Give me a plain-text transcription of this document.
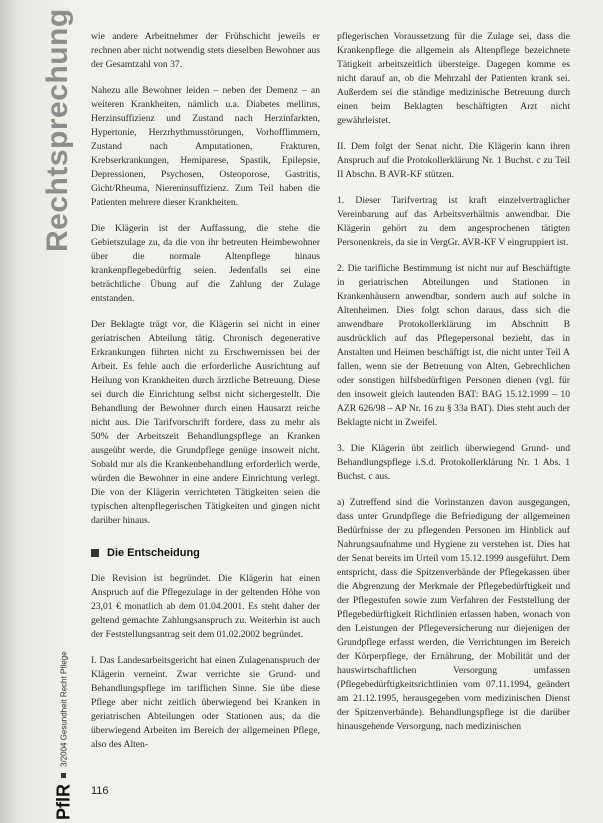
Rechtsprechung
PflR
3/2004 Gesundheit Recht Pflege

wie andere Arbeitnehmer der Frühschicht jeweils er rechnen aber nicht notwendig stets dieselben Bewohner aus der Gesamtzahl von 37.

Nahezu alle Bewohner leiden – neben der Demenz – an weiteren Krankheiten, nämlich u.a. Diabetes mellitus, Herzinsuffizienz und Zustand nach Herzinfarkten, Hypertonie, Herzrhythmusstörungen, Vorhofflimmern, Zustand nach Amputationen, Frakturen, Krebserkrankungen, Hemiparese, Spastik, Epilepsie, Depressionen, Psychosen, Osteoporose, Gastritis, Gicht/Rheuma, Niereninsuffizienz. Zum Teil haben die Patienten mehrere dieser Krankheiten.

Die Klägerin ist der Auffassung, die stehe die Gebietszulage zu, da die von ihr betreuten Heimbewohner über die normale Altenpflege hinaus krankenpflegebedürftig seien. Jedenfalls sei eine beträchtliche Übung auf die Zahlung der Zulage entstanden.

Der Beklagte trägt vor, die Klägerin sei nicht in einer geriatrischen Abteilung tätig. Chronisch degenerative Erkrankungen führten nicht zu Erschwernissen bei der Arbeit. Es fehle auch die erforderliche Ausrichtung auf Heilung von Krankheiten durch ärztliche Betreuung. Diese sei durch die Einrichtung selbst nicht sichergestellt. Die Behandlung der Bewohner durch einen Hausarzt reiche nicht aus. Die Tarifvorschrift fordere, dass zu mehr als 50% der Arbeitszeit Behandlungspflege an Kranken ausgeübt werde, die Grundpflege genüge insoweit nicht. Sobald nur als die Krankenbehandlung erforderlich werde, würden die Bewohner in eine andere Einrichtung verlegt. Die von der Klägerin verrichteten Tätigkeiten seien die typischen altenpflegerischen Tätigkeiten und gingen nicht darüber hinaus.

Die Entscheidung

Die Revision ist begründet. Die Klägerin hat einen Anspruch auf die Pflegezulage in der geltenden Höhe von 23,01 € monatlich ab dem 01.04.2001. Es steht daher der geltend gemachte Zahlungsanspruch zu. Weiterhin ist auch der Feststellungsantrag seit dem 01.02.2002 begründet.

I. Das Landesarbeitsgericht hat einen Zulagenanspruch der Klägerin verneint. Zwar verrichte sie Grund- und Behandlungspflege im tariflichen Sinne. Sie übe diese Pflege aber nicht zeitlich überwiegend bei Kranken in geriatrischen Abteilungen oder Stationen aus, da die überwiegend Arbeiten im Bereich der allgemeinen Pflege, also des Alten-

pflegerischen Voraussetzung für die Zulage sei, dass die Krankenpflege die allgemein als Altenpflege bezeichnete Tätigkeit arbeitszeitlich übersteige. Dagegen komme es nicht darauf an, ob die Mehrzahl der Patienten krank sei. Außerdem sei die ständige medizinische Betreuung durch einen beim Beklagten beschäftigten Arzt nicht gewährleistet.

II. Dem folgt der Senat nicht. Die Klägerin kann ihren Anspruch auf die Protokollerklärung Nr. 1 Buchst. c zu Teil II Abschn. B AVR-KF stützen.

1. Dieser Tarifvertrag ist kraft einzelvertraglicher Vereinbarung auf das Arbeitsverhältnis anwendbar. Die Klägerin gehört zu dem angesprochenen tätigten Personenkreis, da sie in VergGr. AVR-KF V eingruppiert ist.

2. Die tarifliche Bestimmung ist nicht nur auf Beschäftigte in geriatrischen Abteilungen und Stationen in Krankenhäusern anwendbar, sondern auch auf solche in Altenheimen. Dies folgt schon daraus, dass sich die anwendbare Protokollerklärung im Abschnitt B ausdrücklich auf das Pflegepersonal bezieht, das in Anstalten und Heimen beschäftigt ist, die nicht unter Teil A fallen, wenn sie der Betreuung von Alten, Gebrechlichen oder sonstigen hilfsbedürftigen Personen dienen (vgl. für den insoweit gleich lautenden BAT: BAG 15.12.1999 – 10 AZR 626/98 – AP Nr. 16 zu § 33a BAT). Dies steht auch der Beklagte nicht in Zweifel.

3. Die Klägerin übt zeitlich überwiegend Grund- und Behandlungspflege i.S.d. Protokollerklärung Nr. 1 Abs. 1 Buchst. c aus.

a) Zutreffend sind die Vorinstanzen davon ausgegangen, dass unter Grundpflege die Befriedigung der allgemeinen Bedürfnisse der zu pflegenden Personen im Hinblick auf Nahrungsaufnahme und Hygiene zu verstehen ist. Dies hat der Senat bereits im Urteil vom 15.12.1999 ausgeführt. Dem entspricht, dass die Spitzenverbände der Pflegekassen über die Abgrenzung der Merkmale der Pflegebedürftigkeit und der Pflegestufen sowie zum Verfahren der Feststellung der Pflegebedürftigkeit Richtlinien erlassen haben, wonach von den Leistungen der Pflegeversicherung nur diejenigen der Grundpflege erfasst werden, die Verrichtungen im Bereich der Körperpflege, der Ernährung, der Mobilität und der hauswirtschaftlichen Versorgung umfassen (Pflegebedürftigkeitsrichtlinien vom 07.11.1994, geändert am 21.12.1995, herausgegeben vom medizinischen Dienst der Spitzenverbände). Behandlungspflege ist die darüber hinausgehende Versorgung, nach medizinischen

116
